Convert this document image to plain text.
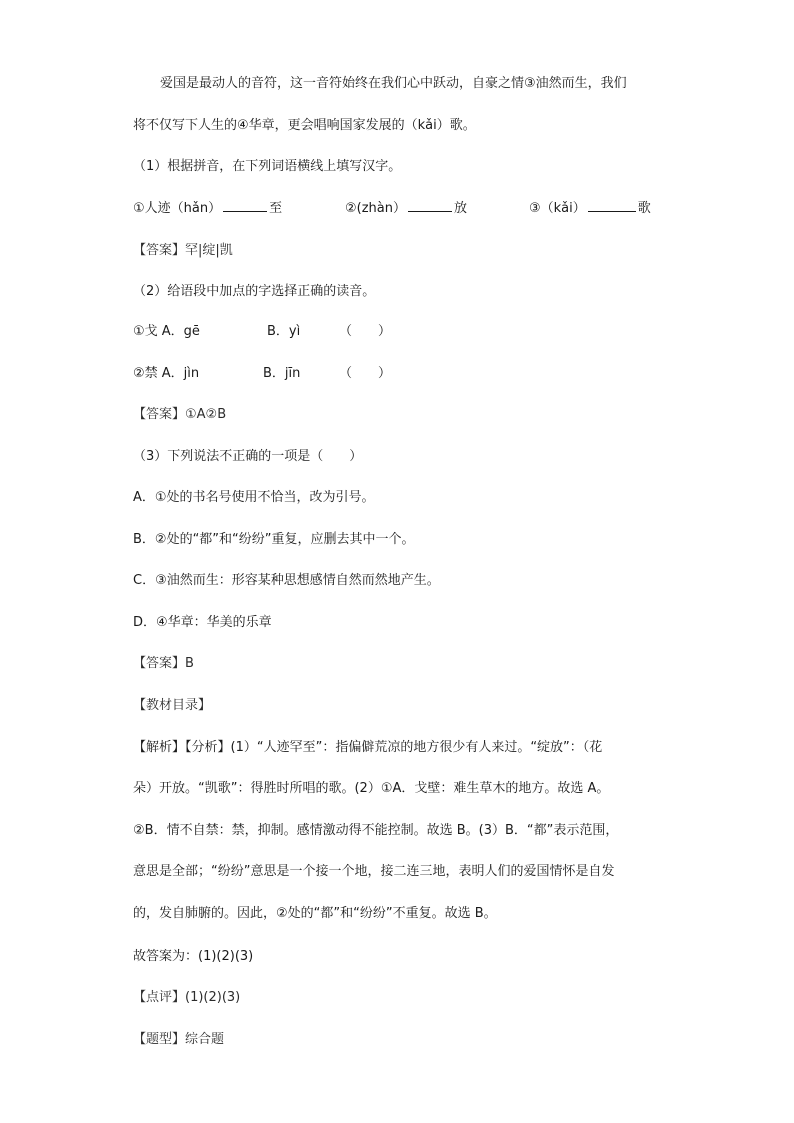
爱国是最动人的音符，这一音符始终在我们心中跃动，自豪之情③油然而生，我们
将不仅写下人生的④华章，更会唱响国家发展的（kǎi）歌。
（1）根据拼音，在下列词语横线上填写汉字。
①人迹（hǎn）	至	②(zhàn）	放	③（kǎi）	歌
【答案】罕|绽|凯
（2）给语段中加点的字选择正确的读音。
①戈 A．gē	B．yì	（　　）
②禁 A．jìn	B．jīn	（　　）
【答案】①A②B
（3）下列说法不正确的一项是（　　）
A．①处的书名号使用不恰当，改为引号。
B．②处的“都”和“纷纷”重复，应删去其中一个。
C．③油然而生：形容某种思想感情自然而然地产生。
D．④华章：华美的乐章
【答案】B
【教材目录】
【解析】【分析】(1）“人迹罕至”：指偏僻荒凉的地方很少有人来过。“绽放”：（花
朵）开放。“凯歌”：得胜时所唱的歌。(2）①A．戈壁：难生草木的地方。故选 A。
②B．情不自禁：禁，抑制。感情激动得不能控制。故选 B。(3）B．“都”表示范围，
意思是全部；“纷纷”意思是一个接一个地，接二连三地，表明人们的爱国情怀是自发
的，发自肺腑的。因此，②处的“都”和“纷纷”不重复。故选 B。
故答案为：(1)(2)(3)
【点评】(1)(2)(3)
【题型】综合题
